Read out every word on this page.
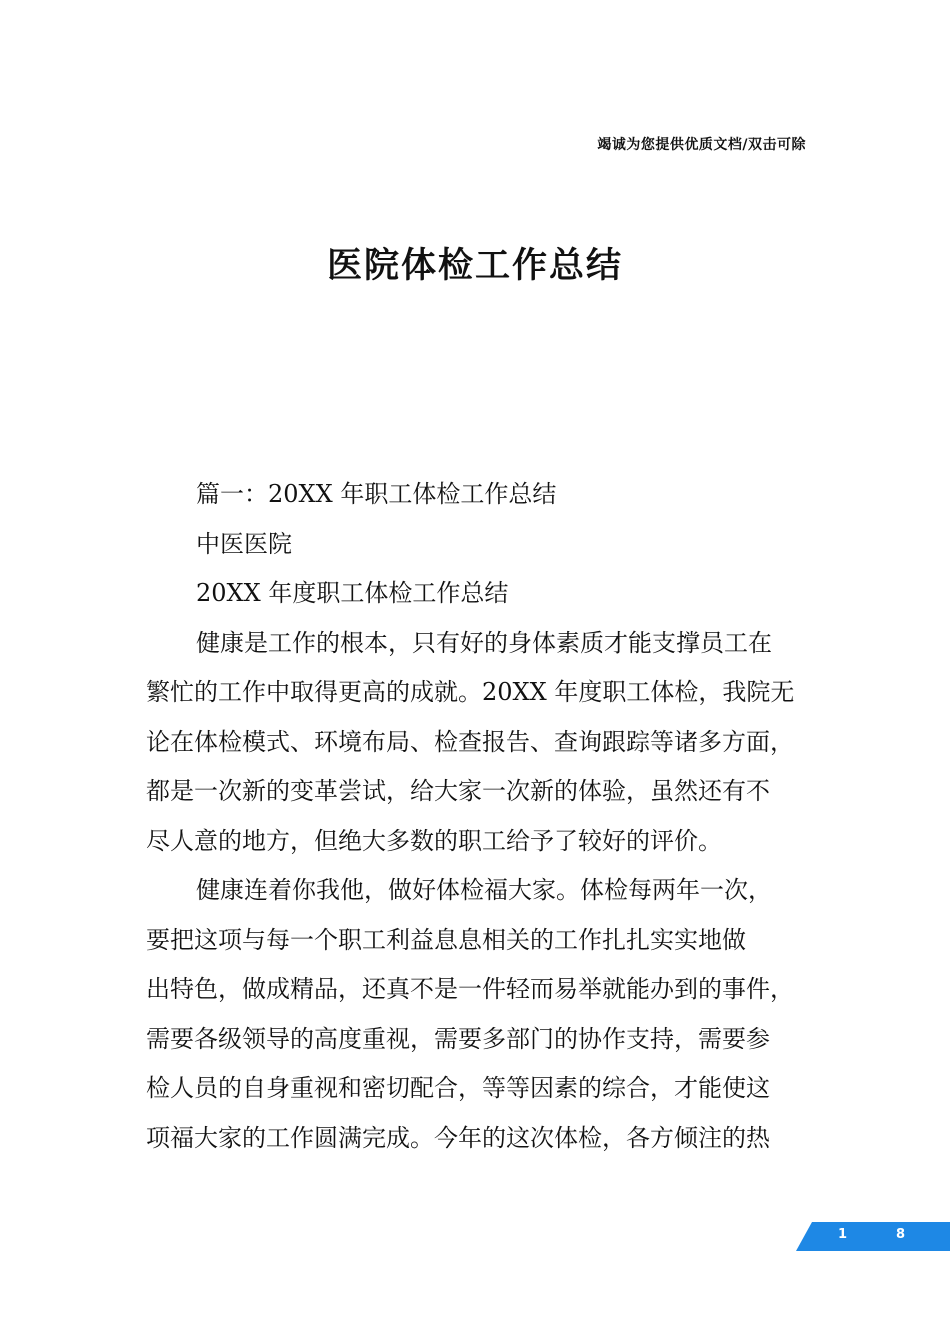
竭诚为您提供优质文档/双击可除
医院体检工作总结
篇一：20XX 年职工体检工作总结
中医医院
20XX 年度职工体检工作总结
健康是工作的根本，只有好的身体素质才能支撑员工在
繁忙的工作中取得更高的成就。20XX 年度职工体检，我院无
论在体检模式、环境布局、检查报告、查询跟踪等诸多方面，
都是一次新的变革尝试，给大家一次新的体验，虽然还有不
尽人意的地方，但绝大多数的职工给予了较好的评价。
健康连着你我他，做好体检福大家。体检每两年一次，
要把这项与每一个职工利益息息相关的工作扎扎实实地做
出特色，做成精品，还真不是一件轻而易举就能办到的事件，
需要各级领导的高度重视，需要多部门的协作支持，需要参
检人员的自身重视和密切配合，等等因素的综合，才能使这
项福大家的工作圆满完成。今年的这次体检，各方倾注的热
1	8
